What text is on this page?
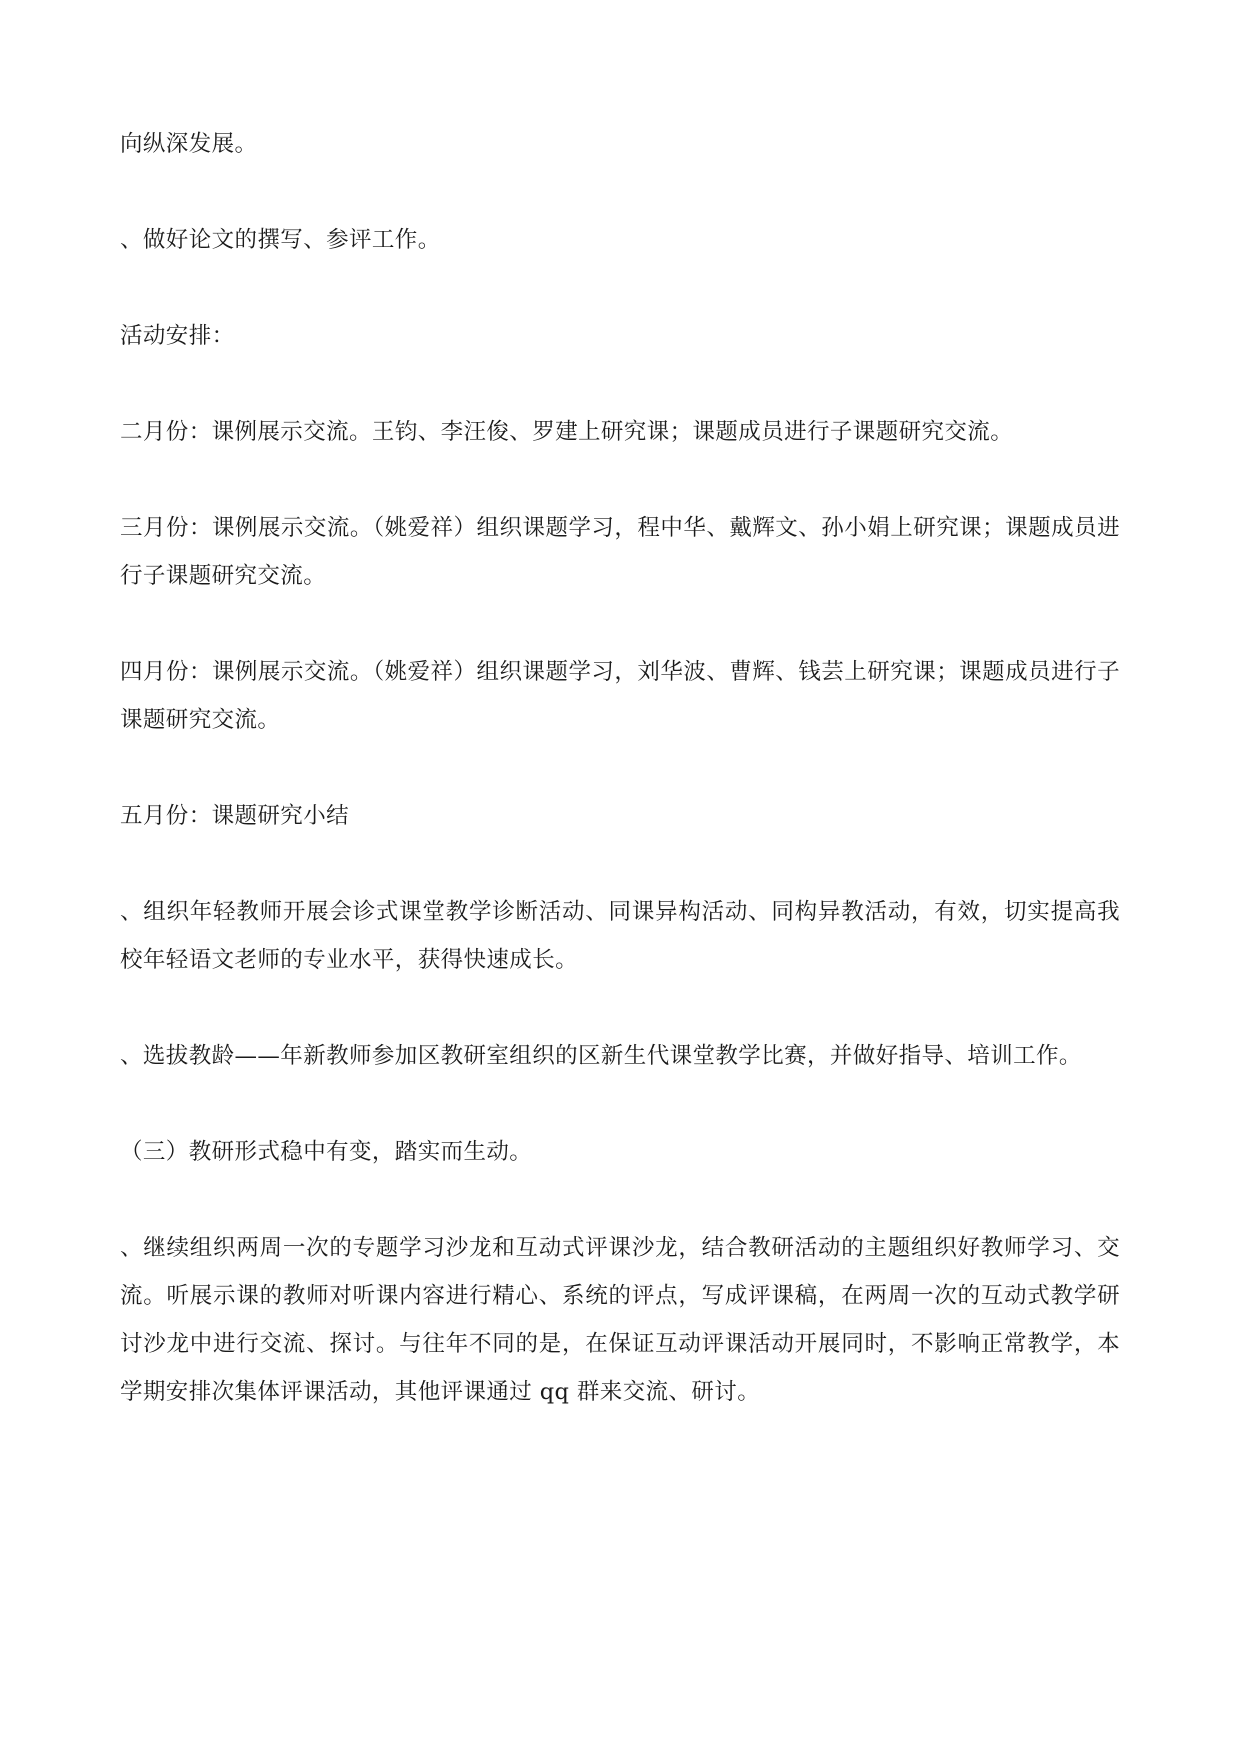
向纵深发展。

、做好论文的撰写、参评工作。

活动安排：

二月份：课例展示交流。王钧、李汪俊、罗建上研究课；课题成员进行子课题研究交流。

三月份：课例展示交流。（姚爱祥）组织课题学习，程中华、戴辉文、孙小娟上研究课；课题成员进行子课题研究交流。

四月份：课例展示交流。（姚爱祥）组织课题学习，刘华波、曹辉、钱芸上研究课；课题成员进行子课题研究交流。

五月份：课题研究小结

、组织年轻教师开展会诊式课堂教学诊断活动、同课异构活动、同构异教活动，有效，切实提高我校年轻语文老师的专业水平，获得快速成长。

、选拔教龄——年新教师参加区教研室组织的区新生代课堂教学比赛，并做好指导、培训工作。

（三）教研形式稳中有变，踏实而生动。

、继续组织两周一次的专题学习沙龙和互动式评课沙龙，结合教研活动的主题组织好教师学习、交流。听展示课的教师对听课内容进行精心、系统的评点，写成评课稿，在两周一次的互动式教学研讨沙龙中进行交流、探讨。与往年不同的是，在保证互动评课活动开展同时，不影响正常教学，本学期安排次集体评课活动，其他评课通过 qq 群来交流、研讨。
